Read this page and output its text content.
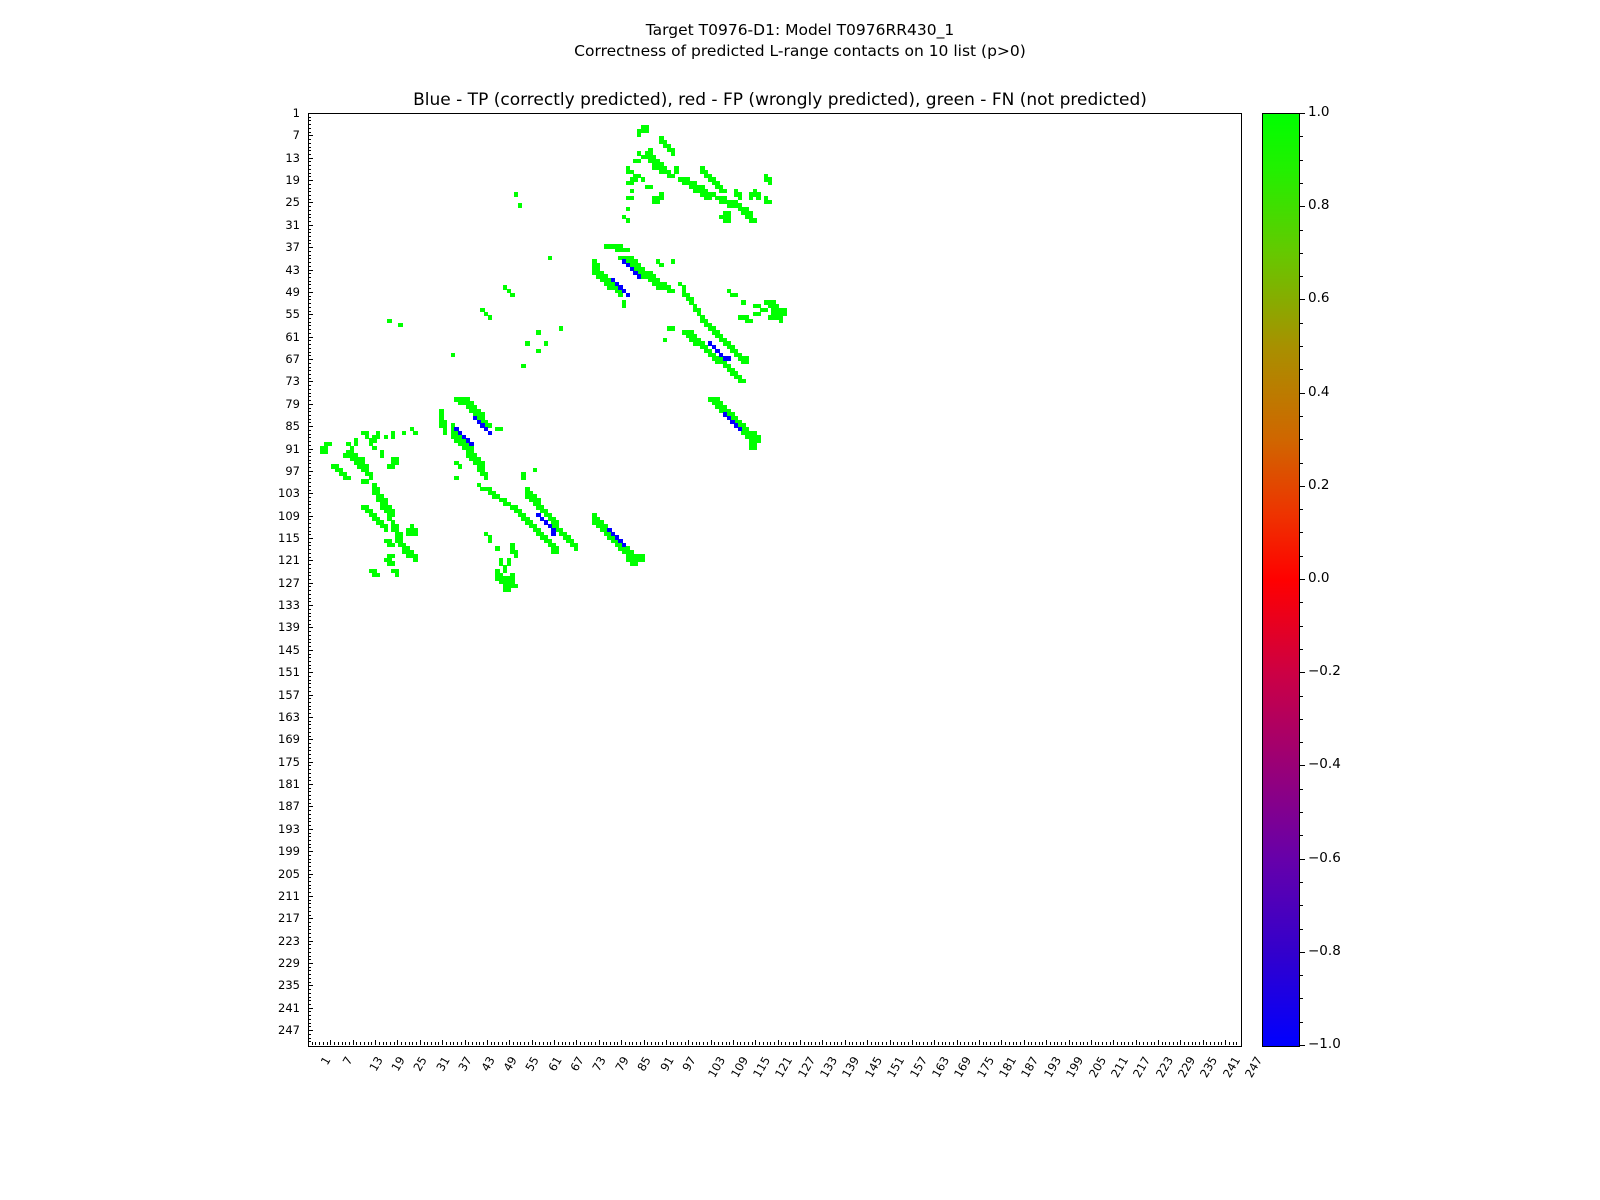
Target T0976-D1: Model T0976RR430_1
Correctness of predicted L-range contacts on 10 list (p>0)
Blue - TP (correctly predicted), red - FP (wrongly predicted), green - FN (not predicted)
1
1
7
7
13
13
19
19
25
25
31
31
37
37
43
43
49
49
55
55
61
61
67
67
73
73
79
79
85
85
91
91
97
97
103
103
109
109
115
115
121
121
127
127
133
133
139
139
145
145
151
151
157
157
163
163
169
169
175
175
181
181
187
187
193
193
199
199
205
205
211
211
217
217
223
223
229
229
235
235
241
241
247
247
−1.0
−0.8
−0.6
−0.4
−0.2
0.0
0.2
0.4
0.6
0.8
1.0
